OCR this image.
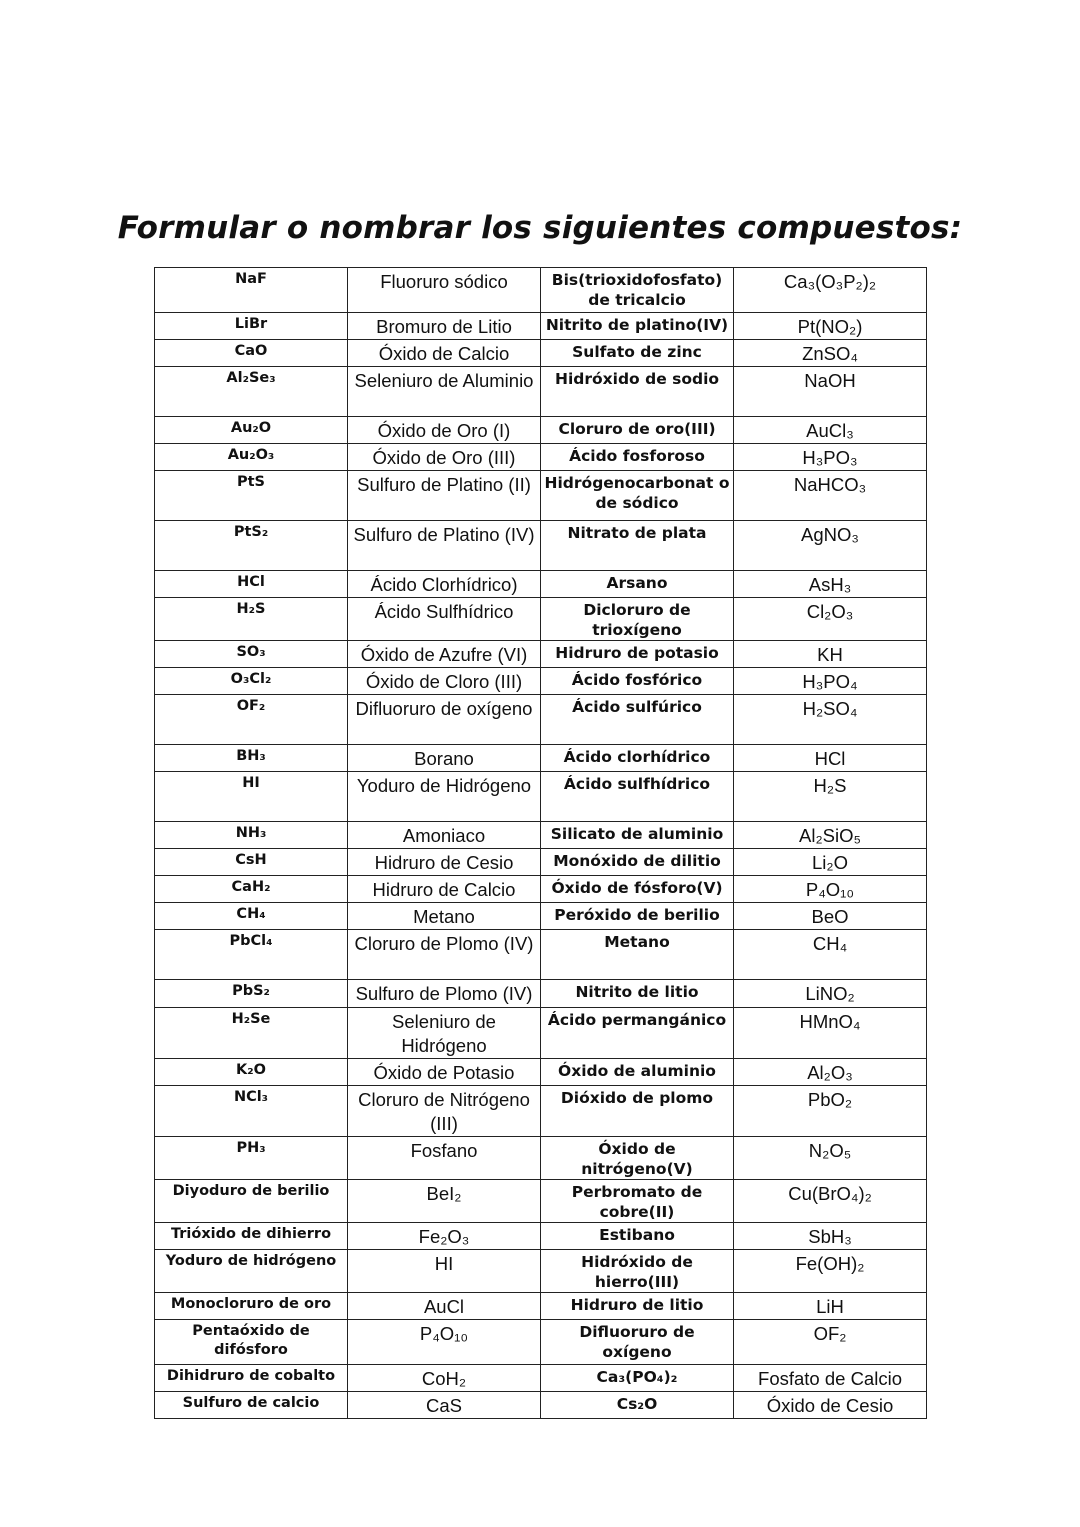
Formular o nombrar los siguientes compuestos:
NaF	Fluoruro sódico	Bis(trioxidofosfato) de tricalcio	Ca₃(O₃P₂)₂
LiBr	Bromuro de Litio	Nitrito de platino(IV)	Pt(NO₂)
CaO	Óxido de Calcio	Sulfato de zinc	ZnSO₄
Al₂Se₃	Seleniuro de Aluminio	Hidróxido de sodio	NaOH
Au₂O	Óxido de Oro (I)	Cloruro de oro(III)	AuCl₃
Au₂O₃	Óxido de Oro (III)	Ácido fosforoso	H₃PO₃
PtS	Sulfuro de Platino (II)	Hidrógenocarbonat o de sódico	NaHCO₃
PtS₂	Sulfuro de Platino (IV)	Nitrato de plata	AgNO₃
HCl	Ácido Clorhídrico)	Arsano	AsH₃
H₂S	Ácido Sulfhídrico	Dicloruro de trioxígeno	Cl₂O₃
SO₃	Óxido de Azufre (VI)	Hidruro de potasio	KH
O₃Cl₂	Óxido de Cloro (III)	Ácido fosfórico	H₃PO₄
OF₂	Difluoruro de oxígeno	Ácido sulfúrico	H₂SO₄
BH₃	Borano	Ácido clorhídrico	HCl
HI	Yoduro de Hidrógeno	Ácido sulfhídrico	H₂S
NH₃	Amoniaco	Silicato de aluminio	Al₂SiO₅
CsH	Hidruro de Cesio	Monóxido de dilitio	Li₂O
CaH₂	Hidruro de Calcio	Óxido de fósforo(V)	P₄O₁₀
CH₄	Metano	Peróxido de berilio	BeO
PbCl₄	Cloruro de Plomo (IV)	Metano	CH₄
PbS₂	Sulfuro de Plomo (IV)	Nitrito de litio	LiNO₂
H₂Se	Seleniuro de Hidrógeno	Ácido permangánico	HMnO₄
K₂O	Óxido de Potasio	Óxido de aluminio	Al₂O₃
NCl₃	Cloruro de Nitrógeno (III)	Dióxido de plomo	PbO₂
PH₃	Fosfano	Óxido de nitrógeno(V)	N₂O₅
Diyoduro de berilio	BeI₂	Perbromato de cobre(II)	Cu(BrO₄)₂
Trióxido de dihierro	Fe₂O₃	Estibano	SbH₃
Yoduro de hidrógeno	HI	Hidróxido de hierro(III)	Fe(OH)₂
Monocloruro de oro	AuCl	Hidruro de litio	LiH
Pentaóxido de difósforo	P₄O₁₀	Difluoruro de oxígeno	OF₂
Dihidruro de cobalto	CoH₂	Ca₃(PO₄)₂	Fosfato de Calcio
Sulfuro de calcio	CaS	Cs₂O	Óxido de Cesio
